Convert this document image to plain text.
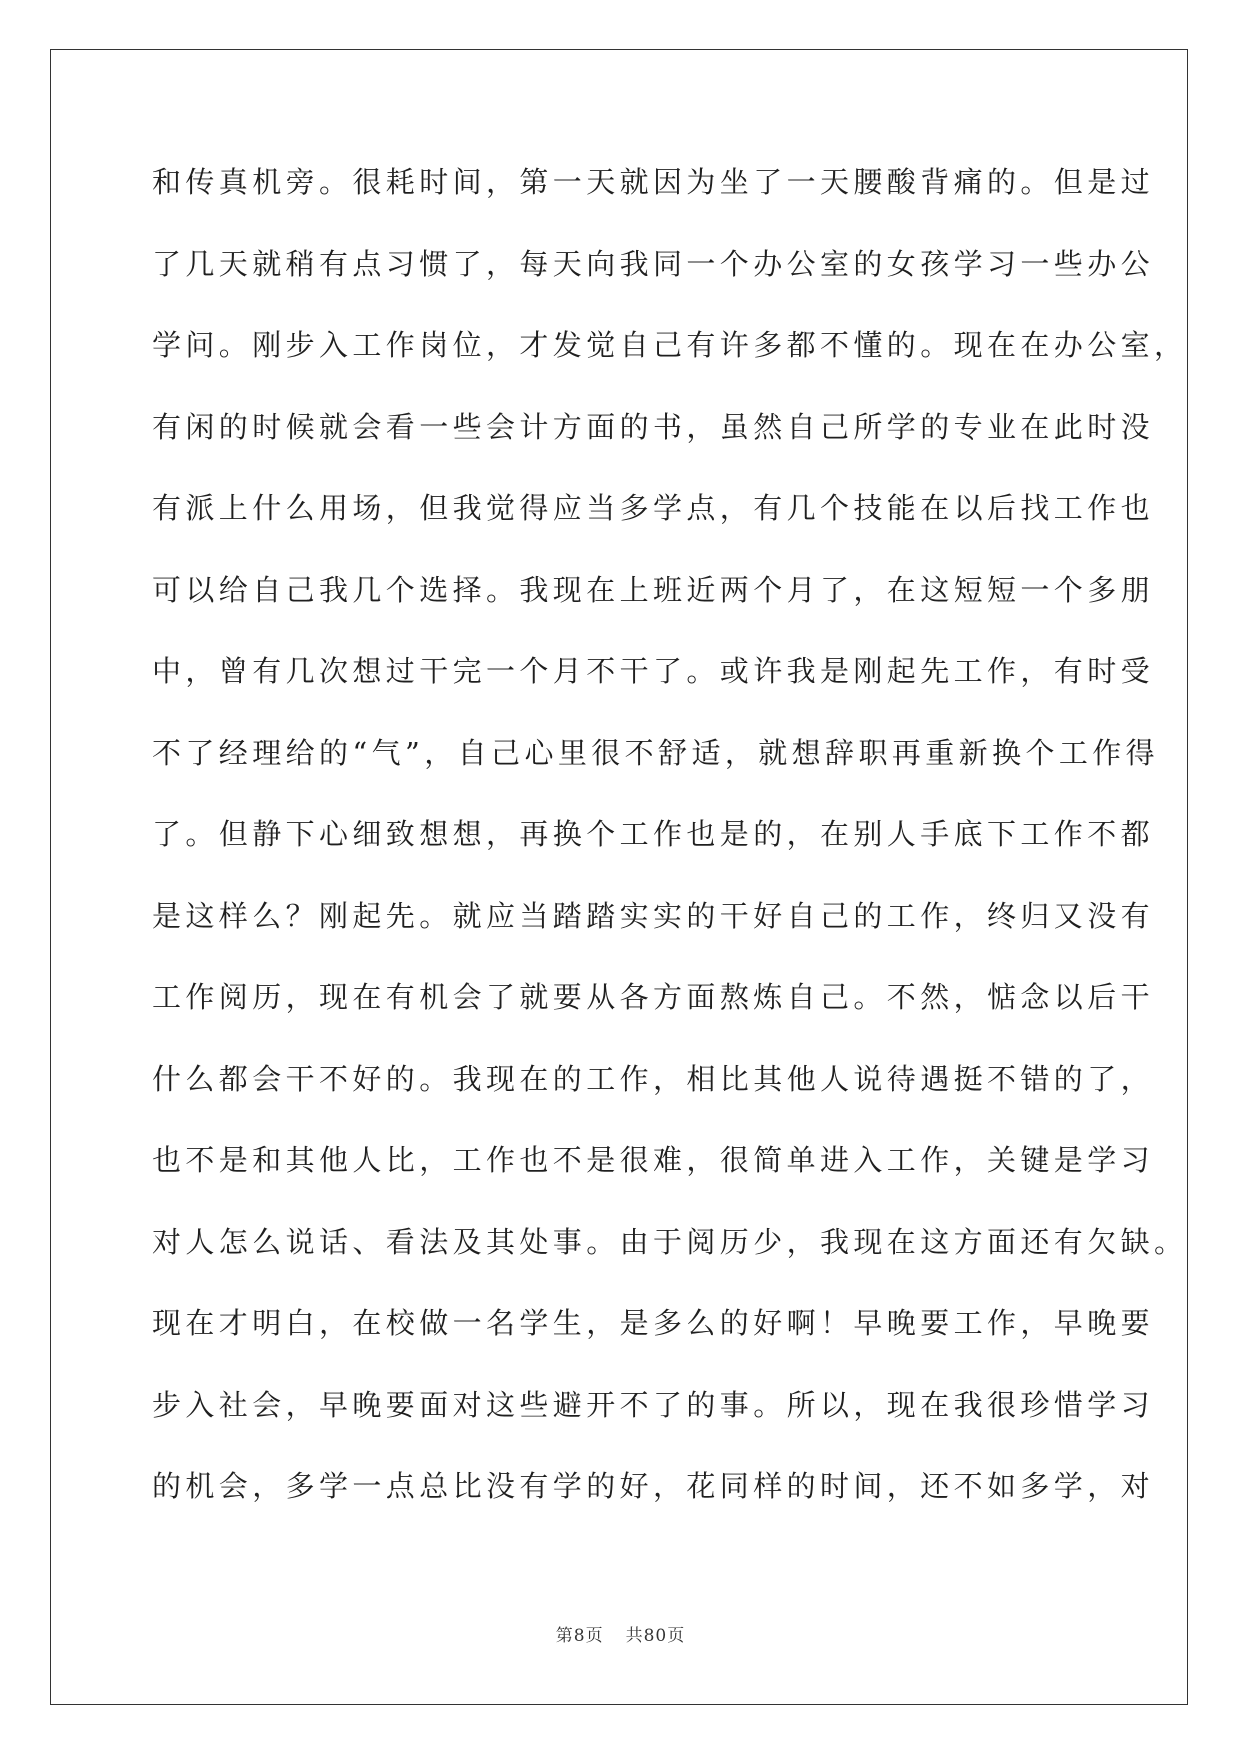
和传真机旁。很耗时间，第一天就因为坐了一天腰酸背痛的。但是过
了几天就稍有点习惯了，每天向我同一个办公室的女孩学习一些办公
学问。刚步入工作岗位，才发觉自己有许多都不懂的。现在在办公室，
有闲的时候就会看一些会计方面的书，虽然自己所学的专业在此时没
有派上什么用场，但我觉得应当多学点，有几个技能在以后找工作也
可以给自己我几个选择。我现在上班近两个月了，在这短短一个多朋
中，曾有几次想过干完一个月不干了。或许我是刚起先工作，有时受
不了经理给的“气”，自己心里很不舒适，就想辞职再重新换个工作得
了。但静下心细致想想，再换个工作也是的，在别人手底下工作不都
是这样么？刚起先。就应当踏踏实实的干好自己的工作，终归又没有
工作阅历，现在有机会了就要从各方面熬炼自己。不然，惦念以后干
什么都会干不好的。我现在的工作，相比其他人说待遇挺不错的了，
也不是和其他人比，工作也不是很难，很简单进入工作，关键是学习
对人怎么说话、看法及其处事。由于阅历少，我现在这方面还有欠缺。
现在才明白，在校做一名学生，是多么的好啊！早晚要工作，早晚要
步入社会，早晚要面对这些避开不了的事。所以，现在我很珍惜学习
的机会，多学一点总比没有学的好，花同样的时间，还不如多学，对
第8页 共80页
